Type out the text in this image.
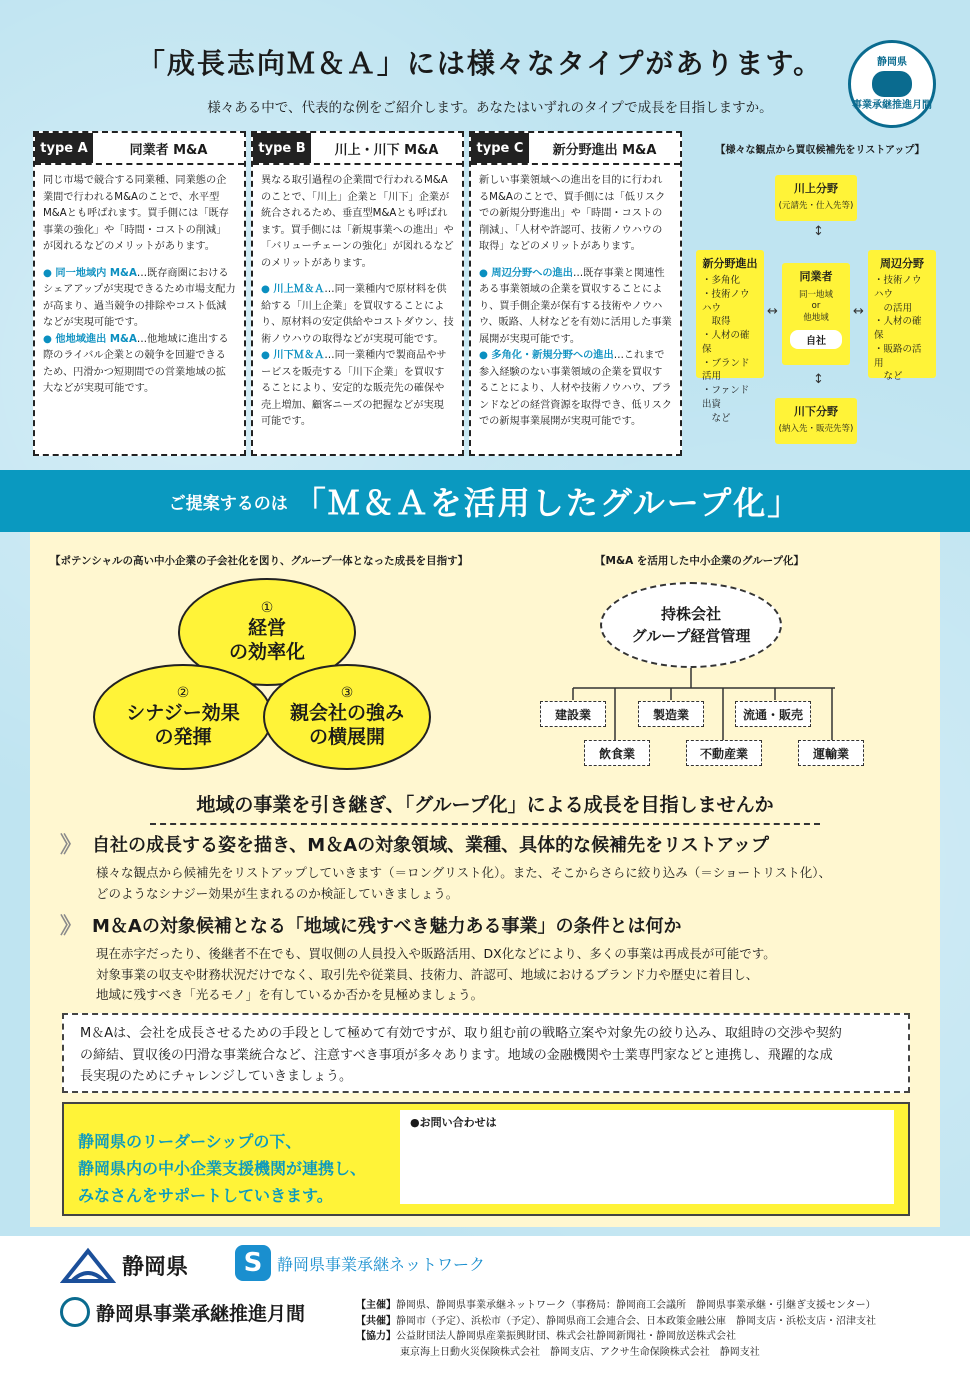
「成長志向Ｍ＆Ａ」には様々なタイプがあります。
様々ある中で、代表的な例をご紹介します。あなたはいずれのタイプで成長を目指しますか。
静岡県
事業承継推進月間
type A	同業者 M&A

同じ市場で競合する同業種、同業態の企業間で行われるM&Aのことで、水平型M&Aとも呼ばれます。買手側には「既存事業の強化」や「時間・コストの削減」が図れるなどのメリットがあります。

● 同一地域内 M&A…既存商圏におけるシェアアップが実現できるため市場支配力が高まり、過当競争の排除やコスト低減などが実現可能です。
● 他地域進出 M&A…他地域に進出する際のライバル企業との競争を回避できるため、円滑かつ短期間での営業地域の拡大などが実現可能です。
type B	川上・川下 M&A

異なる取引過程の企業間で行われるM&Aのことで、「川上」企業と「川下」企業が統合されるため、垂直型M&Aとも呼ばれます。買手側には「新規事業への進出」や「バリューチェーンの強化」が図れるなどのメリットがあります。

● 川上Ｍ＆Ａ…同一業種内で原材料を供給する「川上企業」を買収することにより、原材料の安定供給やコストダウン、技術ノウハウの取得などが実現可能です。
● 川下Ｍ＆Ａ…同一業種内で製商品やサービスを販売する「川下企業」を買収することにより、安定的な販売先の確保や売上増加、顧客ニーズの把握などが実現可能です。
type C	新分野進出 M&A

新しい事業領域への進出を目的に行われるM&Aのことで、買手側には「低リスクでの新規分野進出」や「時間・コストの削減」、「人材や許認可、技術ノウハウの取得」などのメリットがあります。

● 周辺分野への進出…既存事業と関連性ある事業領域の企業を買収することにより、買手側企業が保有する技術やノウハウ、販路、人材などを有効に活用した事業展開が実現可能です。
● 多角化・新規分野への進出…これまで参入経験のない事業領域の企業を買収することにより、人材や技術ノウハウ、ブランドなどの経営資源を取得でき、低リスクでの新規事業展開が実現可能です。
【様々な観点から買収候補先をリストアップ】
川上分野
(元請先・仕入先等)
↕
新分野進出
・多角化
・技術ノウハウ
　取得
・人材の確保
・ブランド活用
・ファンド出資
　など
↔
同業者
同一地域
or
他地域
自社
↔
周辺分野
・技術ノウハウ
　の活用
・人材の確保
・販路の活用
　など
↕
川下分野
(納入先・販売先等)
ご提案するのは 「Ｍ＆Ａを活用したグループ化」
【ポテンシャルの高い中小企業の子会社化を図り、グループ一体となった成長を目指す】	【M&A を活用した中小企業のグループ化】
①
経営
の効率化
②
シナジー効果
の発揮
③
親会社の強み
の横展開
持株会社
グループ経営管理
建設業	製造業	流通・販売
飲食業	不動産業	運輸業
地域の事業を引き継ぎ、「グループ化」による成長を目指しませんか
》 自社の成長する姿を描き、M＆Aの対象領域、業種、具体的な候補先をリストアップ
様々な観点から候補先をリストアップしていきます（＝ロングリスト化）。また、そこからさらに絞り込み（＝ショートリスト化）、
どのようなシナジー効果が生まれるのか検証していきましょう。
》 M＆Aの対象候補となる「地域に残すべき魅力ある事業」の条件とは何か
現在赤字だったり、後継者不在でも、買収側の人員投入や販路活用、DX化などにより、多くの事業は再成長が可能です。
対象事業の収支や財務状況だけでなく、取引先や従業員、技術力、許認可、地域におけるブランド力や歴史に着目し、
地域に残すべき「光るモノ」を有しているか否かを見極めましょう。
M＆Aは、会社を成長させるための手段として極めて有効ですが、取り組む前の戦略立案や対象先の絞り込み、取組時の交渉や契約
の締結、買収後の円滑な事業統合など、注意すべき事項が多々あります。地域の金融機関や士業専門家などと連携し、飛躍的な成
長実現のためにチャレンジしていきましょう。
静岡県のリーダーシップの下、
静岡県内の中小企業支援機関が連携し、
みなさんをサポートしていきます。
●お問い合わせは
静岡県	S 静岡県事業承継ネットワーク
静岡県事業承継推進月間	【主催】静岡県、静岡県事業承継ネットワーク（事務局：静岡商工会議所　静岡県事業承継・引継ぎ支援センター）
【共催】静岡市（予定）、浜松市（予定）、静岡県商工会連合会、日本政策金融公庫　静岡支店・浜松支店・沼津支社
【協力】公益財団法人静岡県産業振興財団、株式会社静岡新聞社・静岡放送株式会社
東京海上日動火災保険株式会社　静岡支店、アクサ生命保険株式会社　静岡支社
